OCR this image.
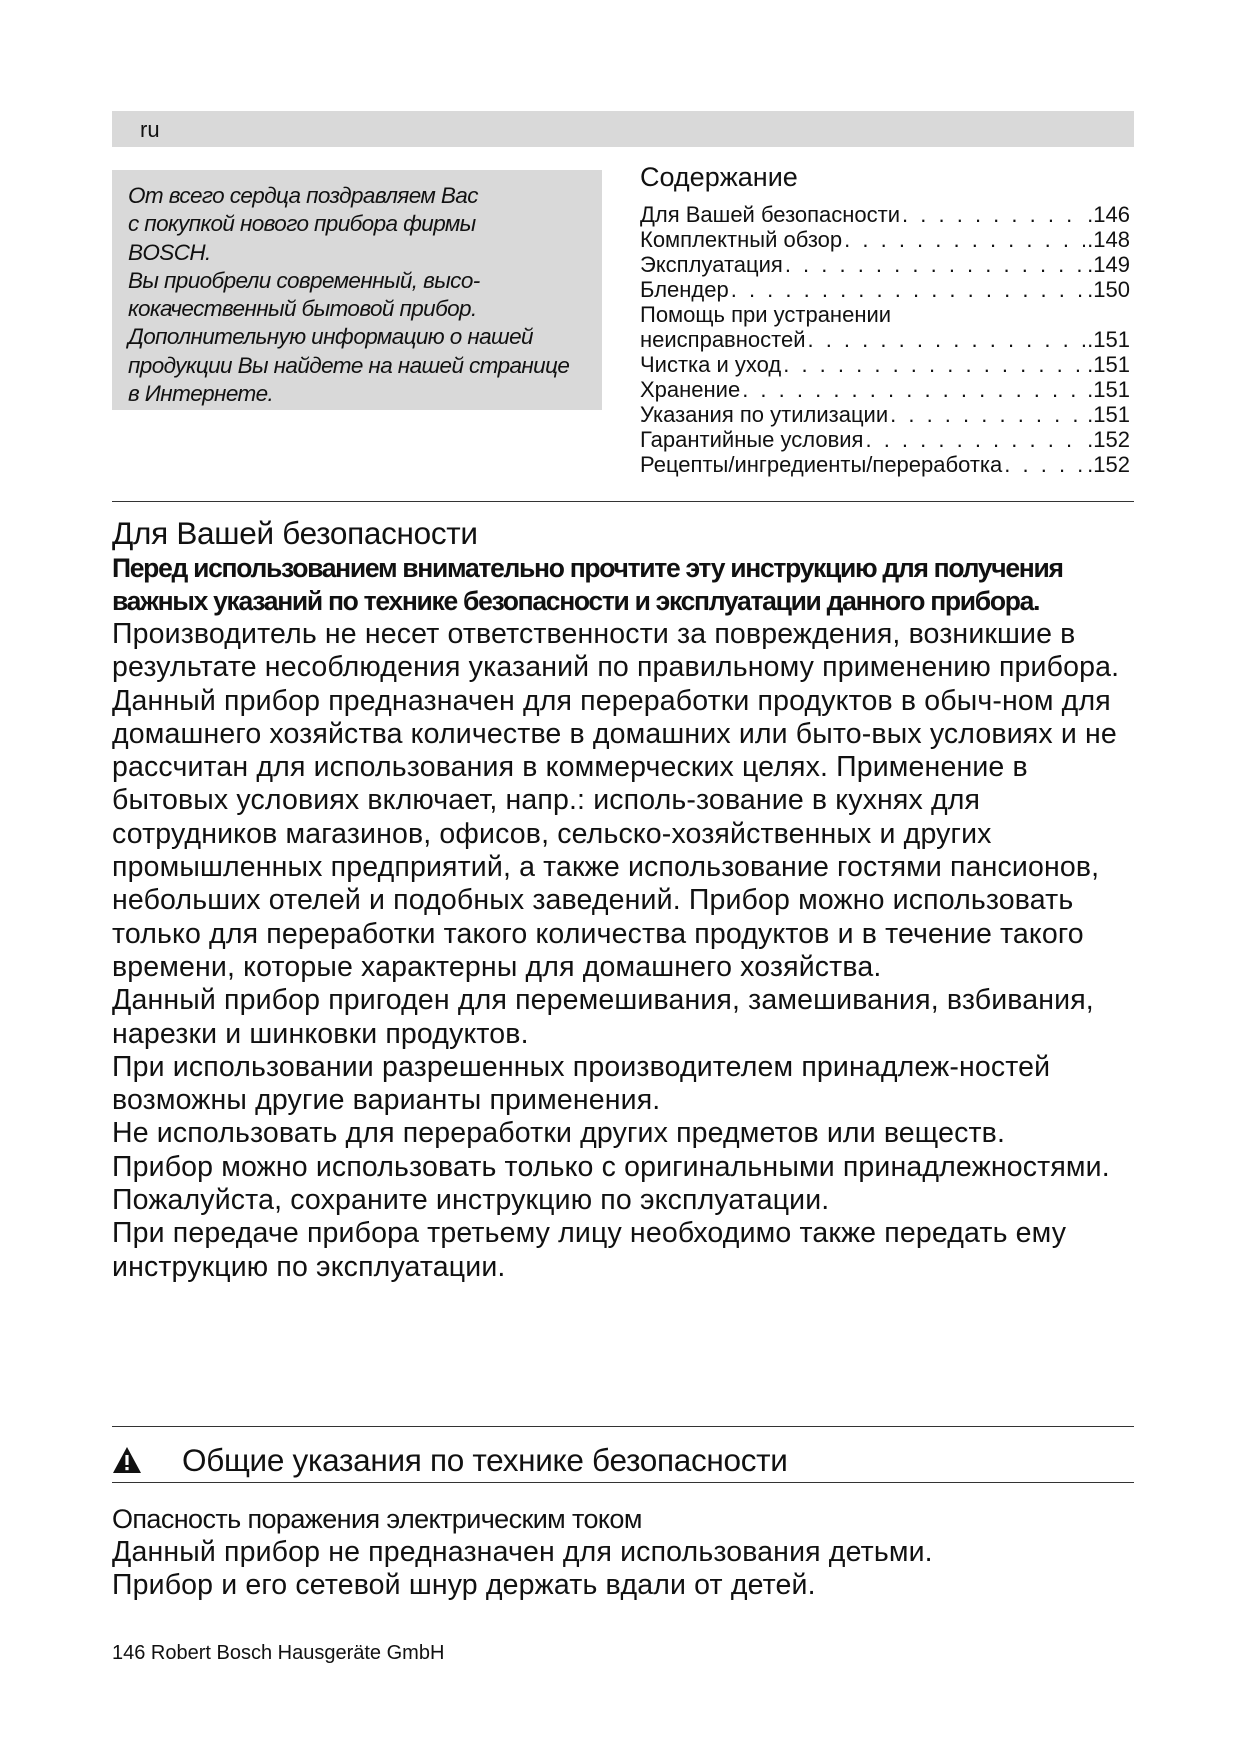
ru

От всего сердца поздравляем Вас
с покупкой нового прибора фирмы
BOSCH.
Вы приобрели современный, высо-
кокачественный бытовой прибор.
Дополнительную информацию о нашей
продукции Вы найдете на нашей странице
в Интернете.

Содержание
Для Вашей безопасности . . .	.146
Комплектный обзор . . .	.148
Эксплуатация . . .	.149
Блендер . . .	.150
Помощь при устранении
неисправностей . . .	.151
Чистка и уход . . .	.151
Хранение . . .	.151
Указания по утилизации . . .	.151
Гарантийные условия . . .	.152
Рецепты/ингредиенты/переработка . . .	.152
Для Вашей безопасности

Перед использованием внимательно прочтите эту инструкцию для получения важных указаний по технике безопасности и эксплуатации данного прибора.

Производитель не несет ответственности за повреждения, возникшие в результате несоблюдения указаний по правильному применению прибора.

Данный прибор предназначен для переработки продуктов в обыч-ном для домашнего хозяйства количестве в домашних или быто-вых условиях и не рассчитан для использования в коммерческих целях. Применение в бытовых условиях включает, напр.: исполь-зование в кухнях для сотрудников магазинов, офисов, сельско-хозяйственных и других промышленных предприятий, а также использование гостями пансионов, небольших отелей и подобных заведений. Прибор можно использовать только для переработки такого количества продуктов и в течение такого времени, которые характерны для домашнего хозяйства.

Данный прибор пригоден для перемешивания, замешивания, взбивания, нарезки и шинковки продуктов.

При использовании разрешенных производителем принадлеж-ностей возможны другие варианты применения.

Не использовать для переработки других предметов или веществ.

Прибор можно использовать только с оригинальными принадлежностями.

Пожалуйста, сохраните инструкцию по эксплуатации.

При передаче прибора третьему лицу необходимо также передать ему инструкцию по эксплуатации.

Общие указания по технике безопасности
Опасность поражения электрическим током

Данный прибор не предназначен для использования детьми.

Прибор и его сетевой шнур держать вдали от детей.

146 Robert Bosch Hausgeräte GmbH
